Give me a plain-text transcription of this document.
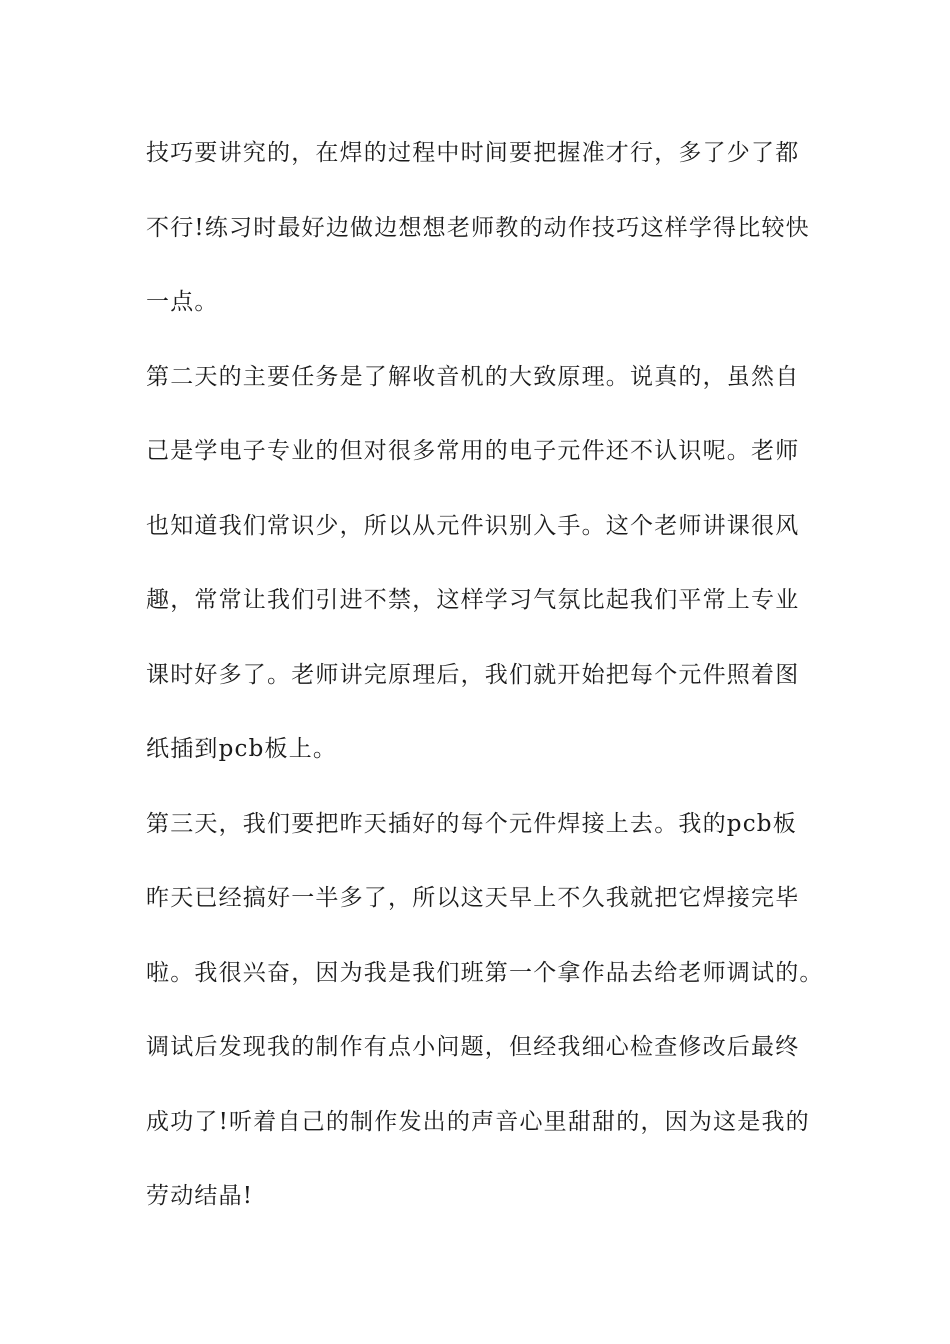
技巧要讲究的，在焊的过程中时间要把握准才行，多了少了都
不行!练习时最好边做边想想老师教的动作技巧这样学得比较快
一点。
第二天的主要任务是了解收音机的大致原理。说真的，虽然自
己是学电子专业的但对很多常用的电子元件还不认识呢。老师
也知道我们常识少，所以从元件识别入手。这个老师讲课很风
趣，常常让我们引进不禁，这样学习气氛比起我们平常上专业
课时好多了。老师讲完原理后，我们就开始把每个元件照着图
纸插到pcb板上。
第三天，我们要把昨天插好的每个元件焊接上去。我的pcb板
昨天已经搞好一半多了，所以这天早上不久我就把它焊接完毕
啦。我很兴奋，因为我是我们班第一个拿作品去给老师调试的。
调试后发现我的制作有点小问题，但经我细心检查修改后最终
成功了!听着自己的制作发出的声音心里甜甜的，因为这是我的
劳动结晶!
